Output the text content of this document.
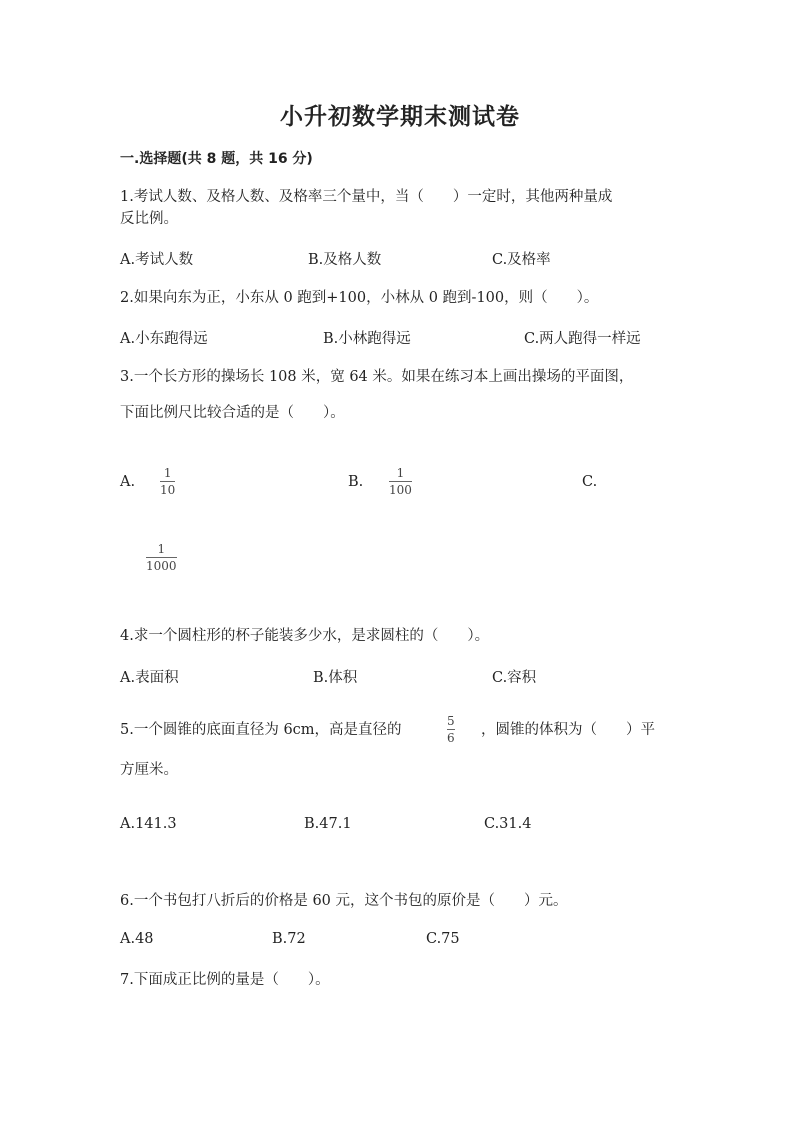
小升初数学期末测试卷
一.选择题(共 8 题，共 16 分)
1.考试人数、及格人数、及格率三个量中，当（　　）一定时，其他两种量成
反比例。
A.考试人数	B.及格人数	C.及格率
2.如果向东为正，小东从 0 跑到+100，小林从 0 跑到-100，则（　　）。
A.小东跑得远	B.小林跑得远	C.两人跑得一样远
3.一个长方形的操场长 108 米，宽 64 米。如果在练习本上画出操场的平面图，
下面比例尺比较合适的是（　　）。
A.
1
10	B.
1
100	C.
1
1000
4.求一个圆柱形的杯子能装多少水，是求圆柱的（　　）。
A.表面积	B.体积	C.容积
5.一个圆锥的底面直径为 6cm，高是直径的
5
6 ，圆锥的体积为（　　）平
方厘米。
A.141.3	B.47.1	C.31.4
6.一个书包打八折后的价格是 60 元，这个书包的原价是（　　）元。
A.48	B.72	C.75
7.下面成正比例的量是（　　）。
